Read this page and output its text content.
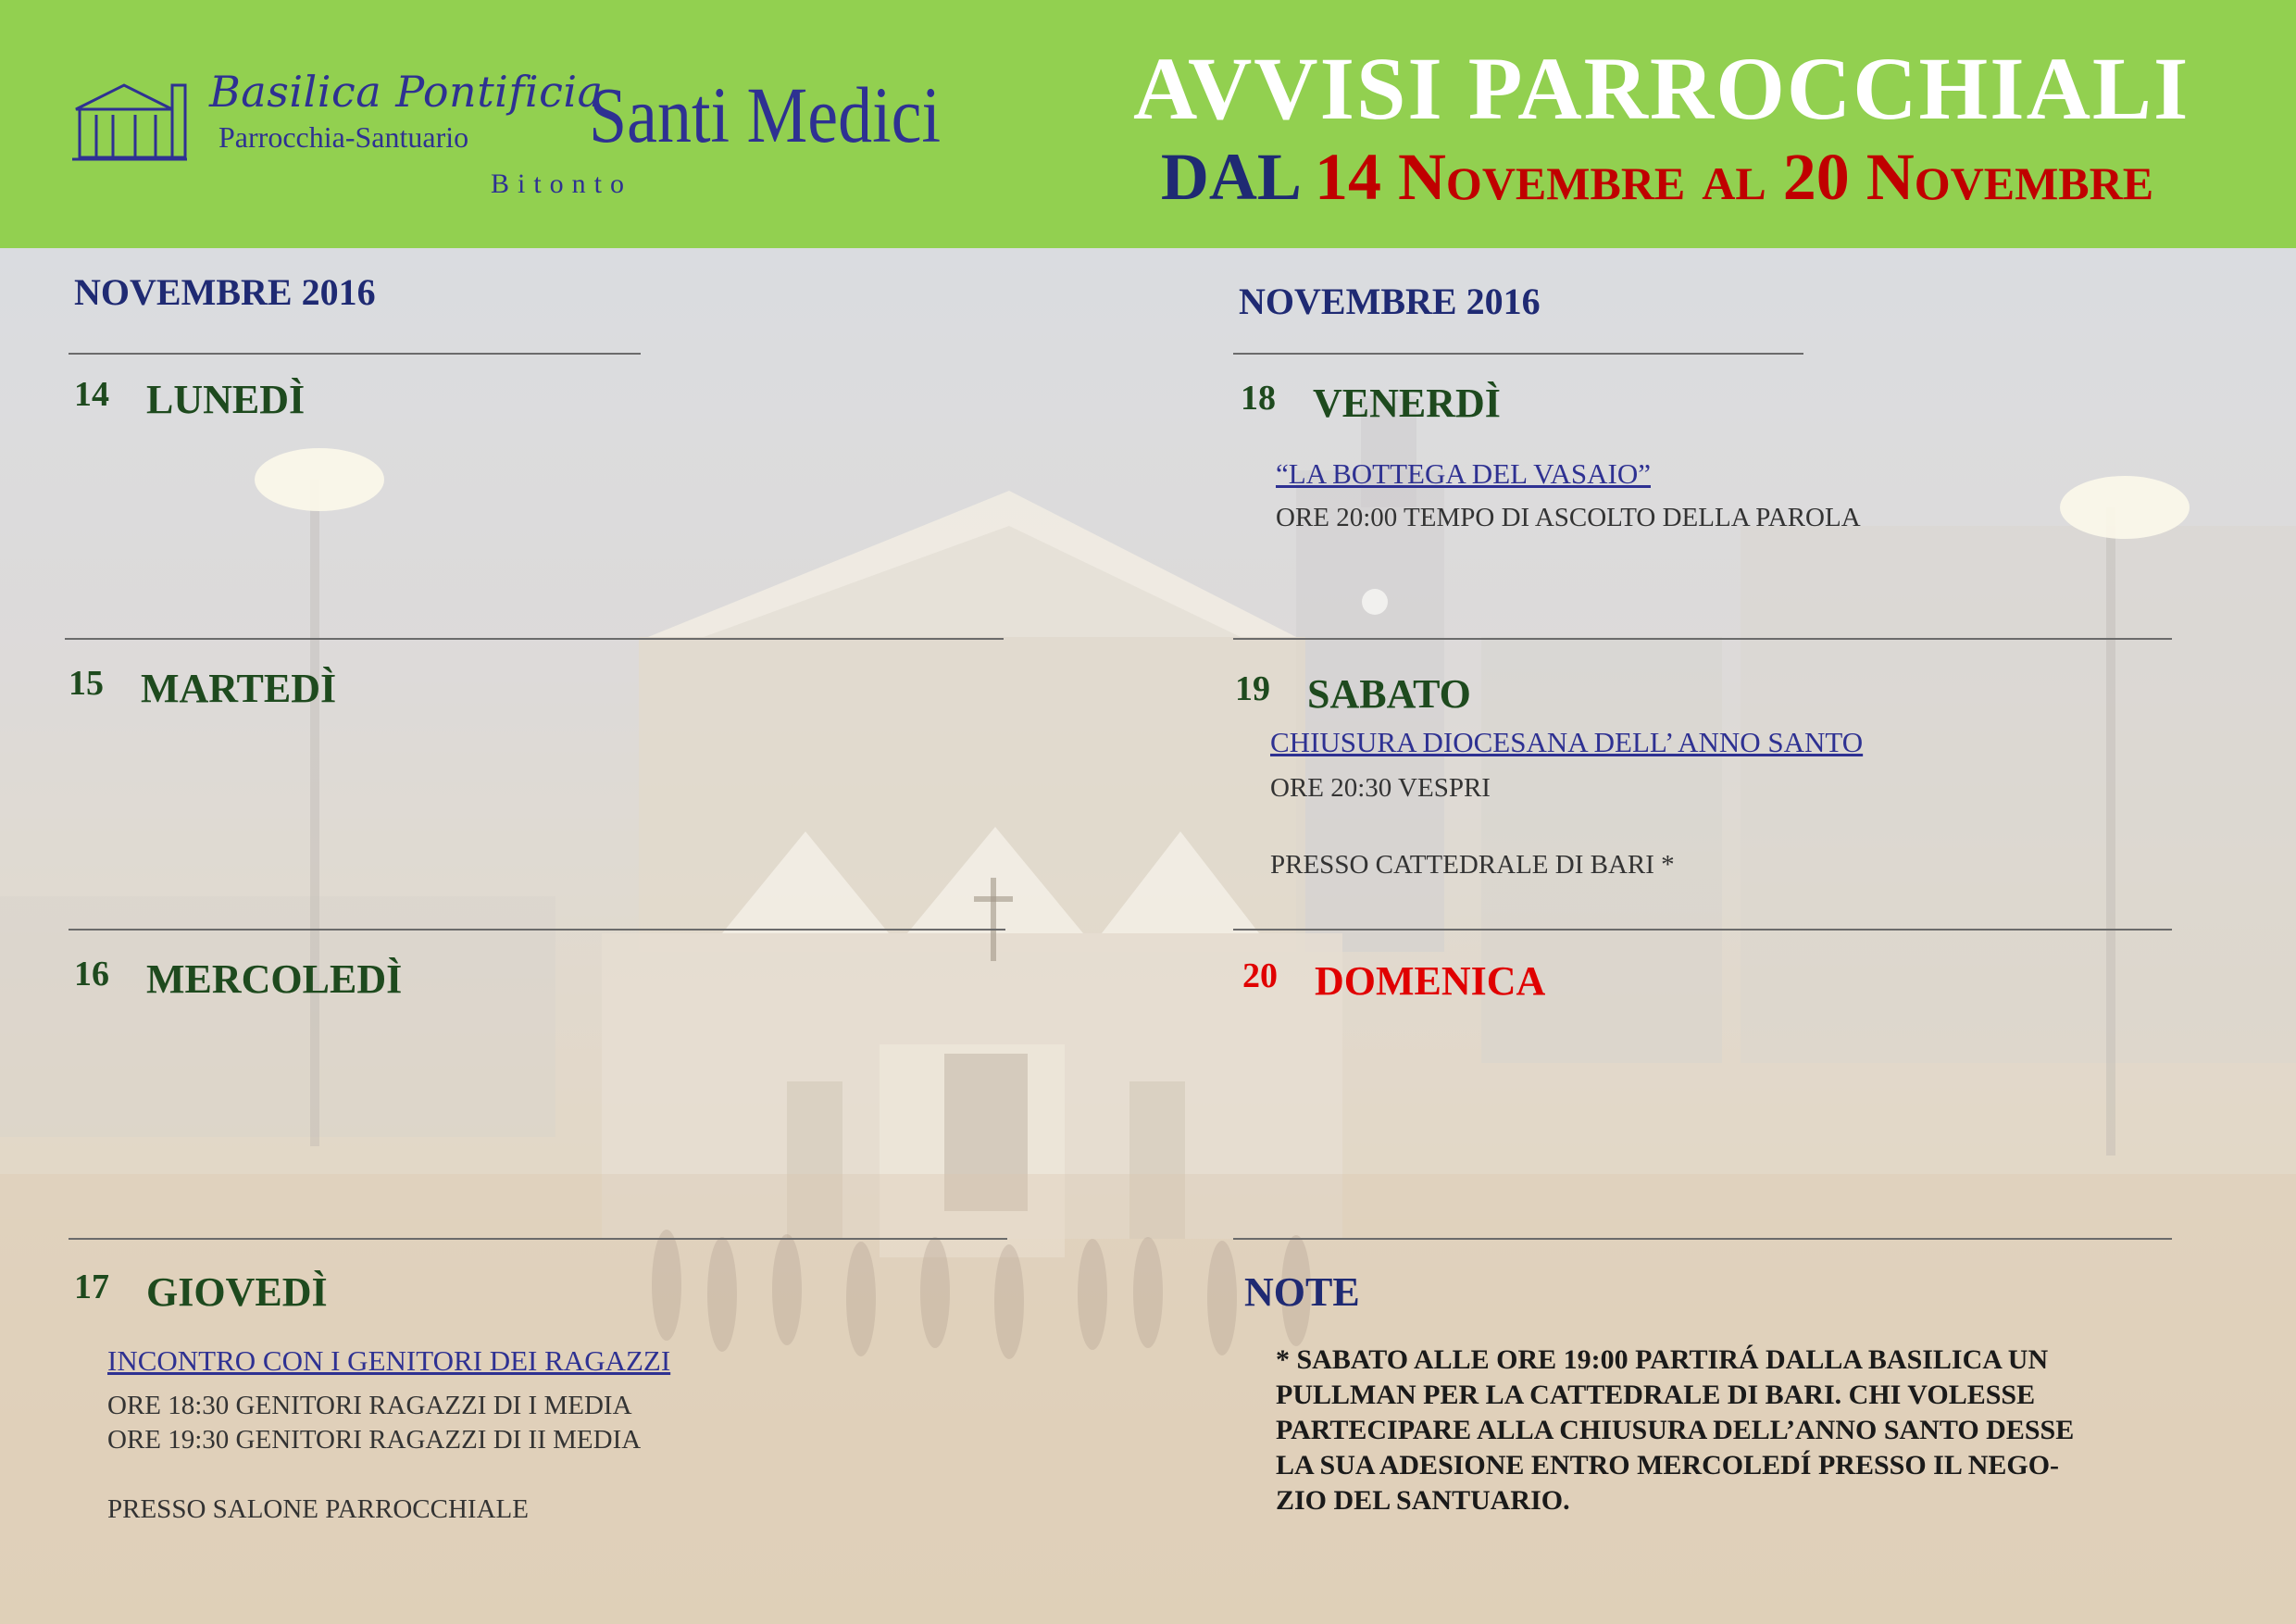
Basilica Pontificia
Parrocchia-Santuario
Bitonto
Santi Medici AVVISI PARROCCHIALI
DAL 14 Novembre al 20 Novembre
NOVEMBRE 2016
14 LUNEDÌ
15 MARTEDÌ
16 MERCOLEDÌ
17 GIOVEDÌ
INCONTRO CON I GENITORI DEI RAGAZZI
ORE 18:30 GENITORI RAGAZZI DI I MEDIA
ORE 19:30 GENITORI RAGAZZI DI II MEDIA
PRESSO SALONE PARROCCHIALE
NOVEMBRE 2016
18 VENERDÌ
“LA BOTTEGA DEL VASAIO”
ORE 20:00 TEMPO DI ASCOLTO DELLA PAROLA
19 SABATO
CHIUSURA DIOCESANA DELL’ ANNO SANTO
ORE 20:30 VESPRI
PRESSO CATTEDRALE DI BARI *
20 DOMENICA
NOTE
* SABATO ALLE ORE 19:00 PARTIRÁ DALLA BASILICA UN
PULLMAN PER LA CATTEDRALE DI BARI. CHI VOLESSE
PARTECIPARE ALLA CHIUSURA DELL’ANNO SANTO DESSE
LA SUA ADESIONE ENTRO MERCOLEDÍ PRESSO IL NEGO-
ZIO DEL SANTUARIO.
